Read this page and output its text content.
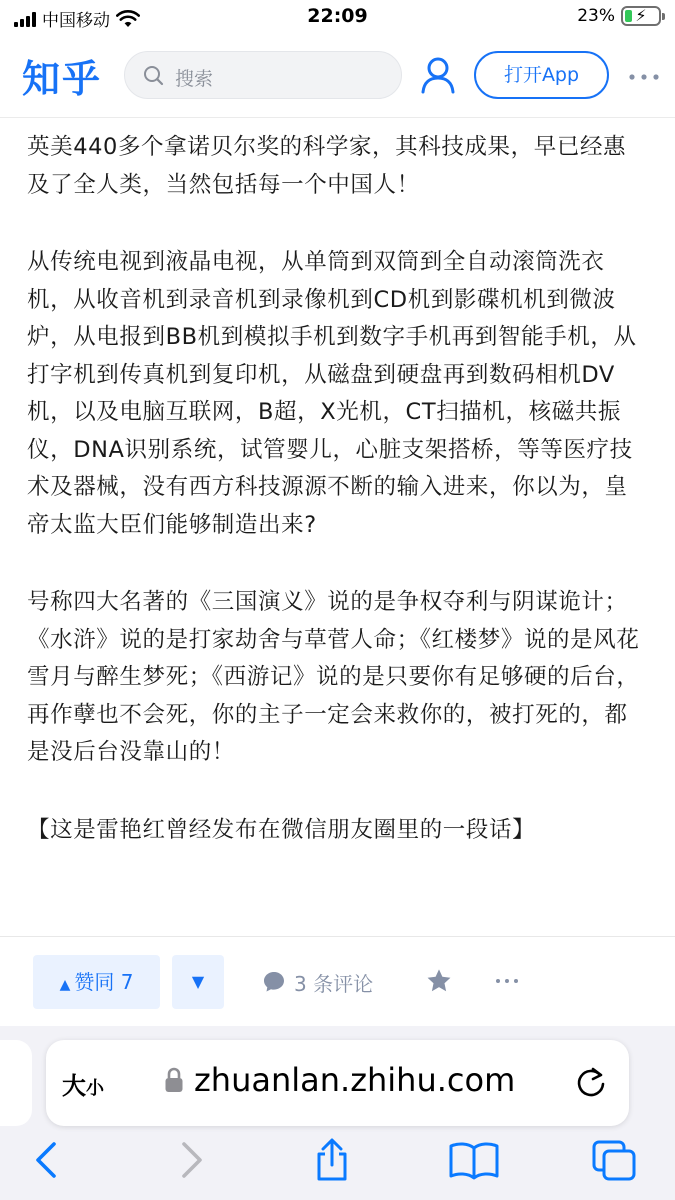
中国移动	22:09	23%	⚡
知乎	搜索	打开App

英美440多个拿诺贝尔奖的科学家，其科技成果，早已经惠及了全人类，当然包括每一个中国人！

从传统电视到液晶电视，从单筒到双筒到全自动滚筒洗衣机，从收音机到录音机到录像机到CD机到影碟机机到微波炉，从电报到BB机到模拟手机到数字手机再到智能手机，从打字机到传真机到复印机，从磁盘到硬盘再到数码相机DV机，以及电脑互联网，B超，X光机，CT扫描机，核磁共振仪，DNA识别系统，试管婴儿，心脏支架搭桥，等等医疗技术及器械，没有西方科技源源不断的输入进来，你以为，皇帝太监大臣们能够制造出来?

号称四大名著的《三国演义》说的是争权夺利与阴谋诡计；《水浒》说的是打家劫舍与草菅人命；《红楼梦》说的是风花雪月与醉生梦死；《西游记》说的是只要你有足够硬的后台，再作孽也不会死，你的主子一定会来救你的，被打死的，都是没后台没靠山的！

【这是雷艳红曾经发布在微信朋友圈里的一段话】

▲ 赞同 7	▼	3 条评论
大小	zhuanlan.zhihu.com
